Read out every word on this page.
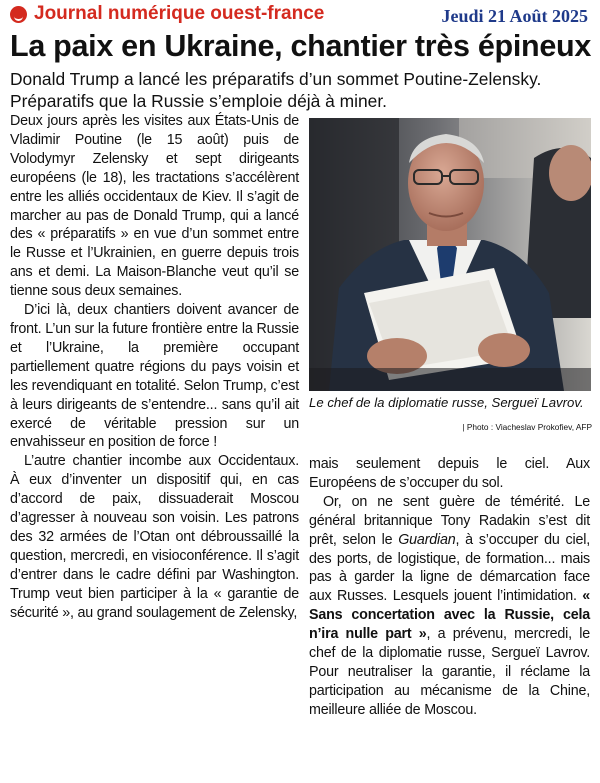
Journal numérique ouest-france	Jeudi 21 Août 2025
La paix en Ukraine, chantier très épineux
Donald Trump a lancé les préparatifs d’un sommet Poutine-Zelensky. Préparatifs que la Russie s’emploie déjà à miner.

Deux jours après les visites aux États-Unis de Vladimir Poutine (le 15 août) puis de Volodymyr Zelensky et sept dirigeants européens (le 18), les tractations s’accélèrent entre les alliés occidentaux de Kiev. Il s’agit de marcher au pas de Donald Trump, qui a lancé des « préparatifs » en vue d’un sommet entre le Russe et l’Ukrainien, en guerre depuis trois ans et demi. La Maison-Blanche veut qu’il se tienne sous deux semaines.

D’ici là, deux chantiers doivent avancer de front. L’un sur la future frontière entre la Russie et l’Ukraine, la première occupant partiellement quatre régions du pays voisin et les revendiquant en totalité. Selon Trump, c’est à leurs dirigeants de s’entendre... sans qu’il ait exercé de véritable pression sur un envahisseur en position de force !

L’autre chantier incombe aux Occidentaux. À eux d’inventer un dispositif qui, en cas d’accord de paix, dissuaderait Moscou d’agresser à nouveau son voisin. Les patrons des 32 armées de l’Otan ont débroussaillé la question, mercredi, en visioconférence. Il s’agit d’entrer dans le cadre défini par Washington. Trump veut bien participer à la « garantie de sécurité », au grand soulagement de Zelensky,

Le chef de la diplomatie russe, Sergueï Lavrov.
| Photo : Viacheslav Prokofiev, AFP

mais seulement depuis le ciel. Aux Européens de s’occuper du sol.

Or, on ne sent guère de témérité. Le général britannique Tony Radakin s’est dit prêt, selon le Guardian, à s’occuper du ciel, des ports, de logistique, de formation... mais pas à garder la ligne de démarcation face aux Russes. Lesquels jouent l’intimidation. « Sans concertation avec la Russie, cela n’ira nulle part », a prévenu, mercredi, le chef de la diplomatie russe, Sergueï Lavrov. Pour neutraliser la garantie, il réclame la participation au mécanisme de la Chine, meilleure alliée de Moscou.
